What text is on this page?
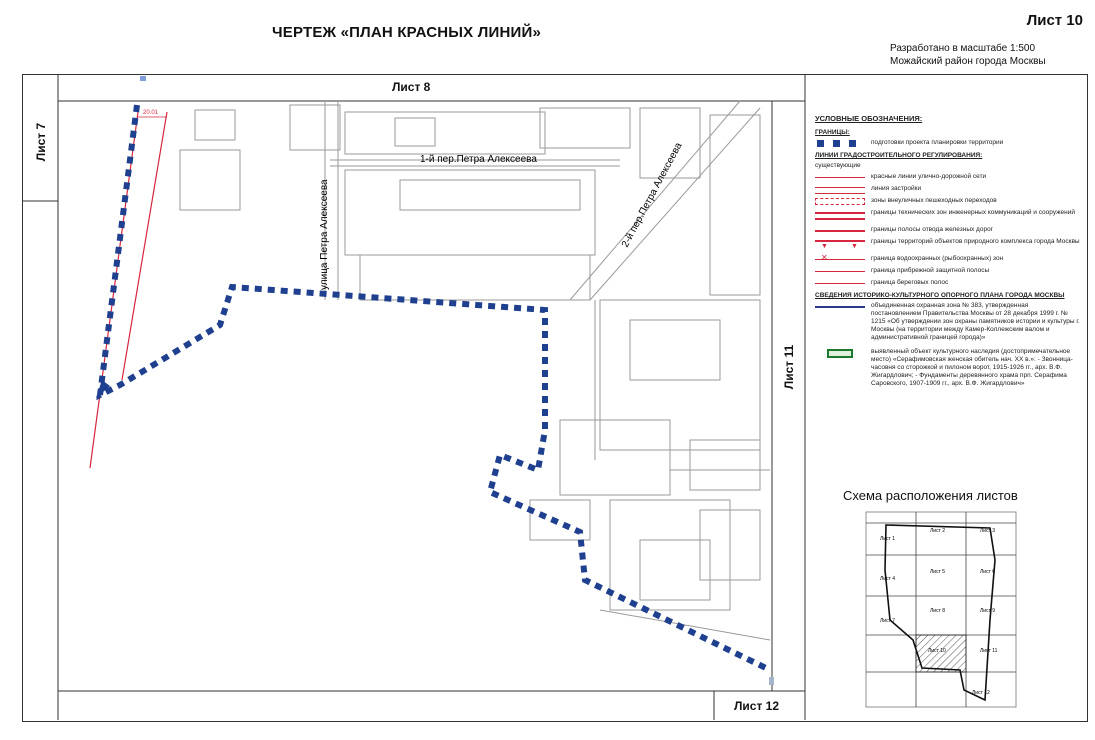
ЧЕРТЕЖ «ПЛАН КРАСНЫХ ЛИНИЙ»
Лист 10
Разработано в масштабе 1:500
Можайский район города Москвы
20.01
1-й пер.Петра Алексеева
улица Петра Алексеева	2-й пер.Петра Алексеева
Лист 1
Лист 2	Лист 3
Лист 4
Лист 5	Лист 6
Лист 7
Лист 8	Лист 9
Лист 10	Лист 11
Лист 12
Лист 8
Лист 7
Лист 11
Лист 12
УСЛОВНЫЕ ОБОЗНАЧЕНИЯ:
ГРАНИЦЫ:
подготовки проекта планировки территории
ЛИНИИ ГРАДОСТРОИТЕЛЬНОГО РЕГУЛИРОВАНИЯ:
существующие
красные линии улично-дорожной сети
линия застройки
зоны внеуличных пешеходных переходов
границы технических зон инженерных коммуникаций и сооружений
границы полосы отвода железных дорог
▼	▼
границы территорий объектов природного комплекса города Москвы
✕	граница водоохранных (рыбоохранных) зон
граница прибрежной защитной полосы
граница береговых полос
СВЕДЕНИЯ ИСТОРИКО-КУЛЬТУРНОГО ОПОРНОГО ПЛАНА ГОРОДА МОСКВЫ
объединенная охранная зона № 383, утвержденная постановлением Правительства Москвы от 28 декабря 1999 г. № 1215 «Об утверждении зон охраны памятников истории и культуры г. Москвы (на территории между Камер-Коллежским валом и административной границей города)»
выявленный объект культурного наследия (достопримечательное место) «Серафимовская женская обитель нач. XX в.»: - Звонница-часовня со сторожкой и пилоном ворот, 1915-1926 гг., арх. В.Ф. Жигардлович; - Фундаменты деревянного храма прп. Серафима Саровского, 1907-1909 гг., арх. В.Ф. Жигардлович»
Схема расположения листов
